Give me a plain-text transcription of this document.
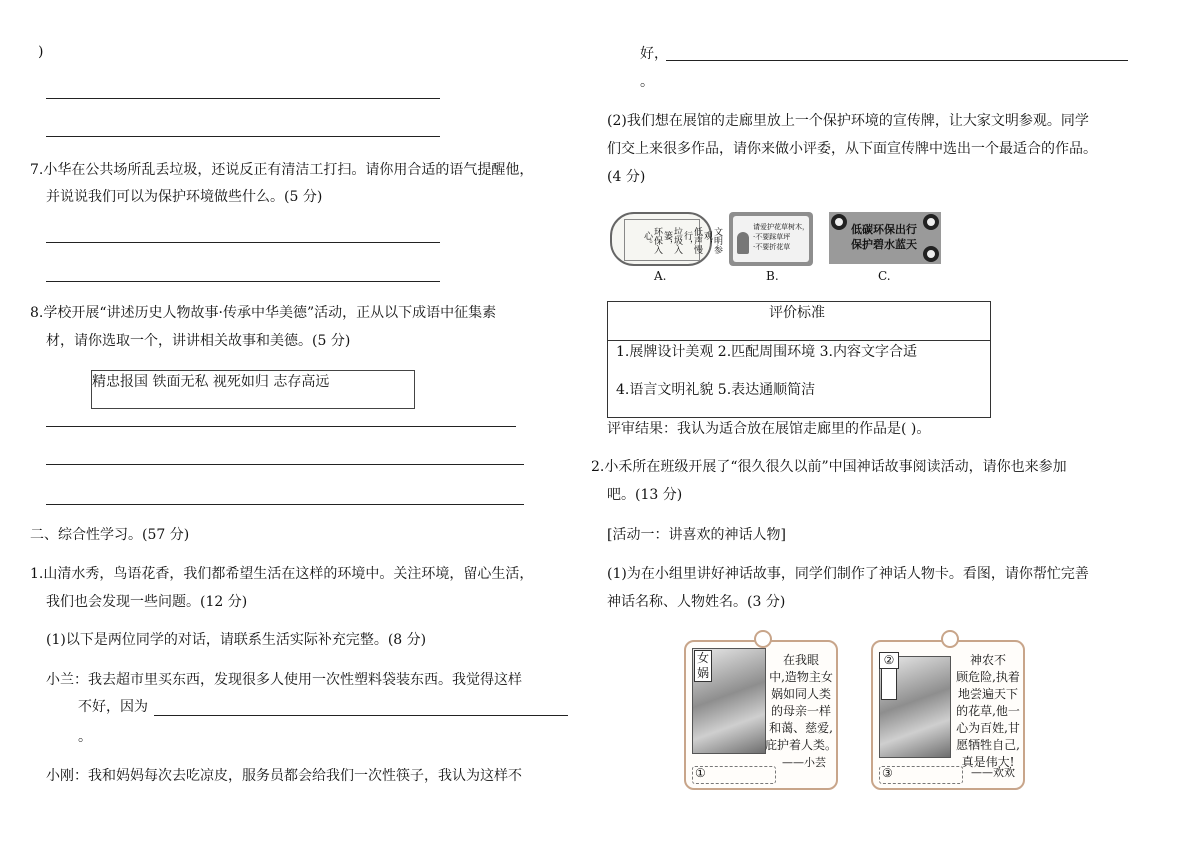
)
7.小华在公共场所乱丢垃圾，还说反正有清洁工打扫。请你用合适的语气提醒他，
并说说我们可以为保护环境做些什么。(5 分)
8.学校开展“讲述历史人物故事·传承中华美德”活动，正从以下成语中征集素
材，请你选取一个，讲讲相关故事和美德。(5 分)
精忠报国 铁面无私 视死如归 志存高远
二、综合性学习。(57 分)
1.山清水秀，鸟语花香，我们都希望生活在这样的环境中。关注环境，留心生活，
我们也会发现一些问题。(12 分)
(1)以下是两位同学的对话，请联系生活实际补充完整。(8 分)
小兰：我去超市里买东西，发现很多人使用一次性塑料袋装东西。我觉得这样
不好，因为
。
小刚：我和妈妈每次去吃凉皮，服务员都会给我们一次性筷子，我认为这样不
好，
。
(2)我们想在展馆的走廊里放上一个保护环境的宣传牌，让大家文明参观。同学
们交上来很多作品，请你来做小评委，从下面宣传牌中选出一个最适合的作品。
(4 分)
文明参观，
低声慢行，
垃圾入篓，
环保入心。
A.
请爱护花草树木，
·不要踩草坪
·不要折花草
B.
低碳环保出行
保护碧水蓝天
C.
评价标准
1.展牌设计美观 2.匹配周围环境 3.内容文字合适
4.语言文明礼貌 5.表达通顺简洁
评审结果：我认为适合放在展馆走廊里的作品是( )。
2.小禾所在班级开展了“很久很久以前”中国神话故事阅读活动，请你也来参加
吧。(13 分)
[活动一：讲喜欢的神话人物]
(1)为在小组里讲好神话故事，同学们制作了神话人物卡。看图，请你帮忙完善
神话名称、人物姓名。(3 分)
女
娲
在我眼
中,造物主女
娲如同人类
的母亲一样
和蔼、慈爱,
庇护着人类。
——小芸
①
②	神农不
顾危险,执着
地尝遍天下
的花草,他一
心为百姓,甘
愿牺牲自己,
真是伟大!
——欢欢
③
